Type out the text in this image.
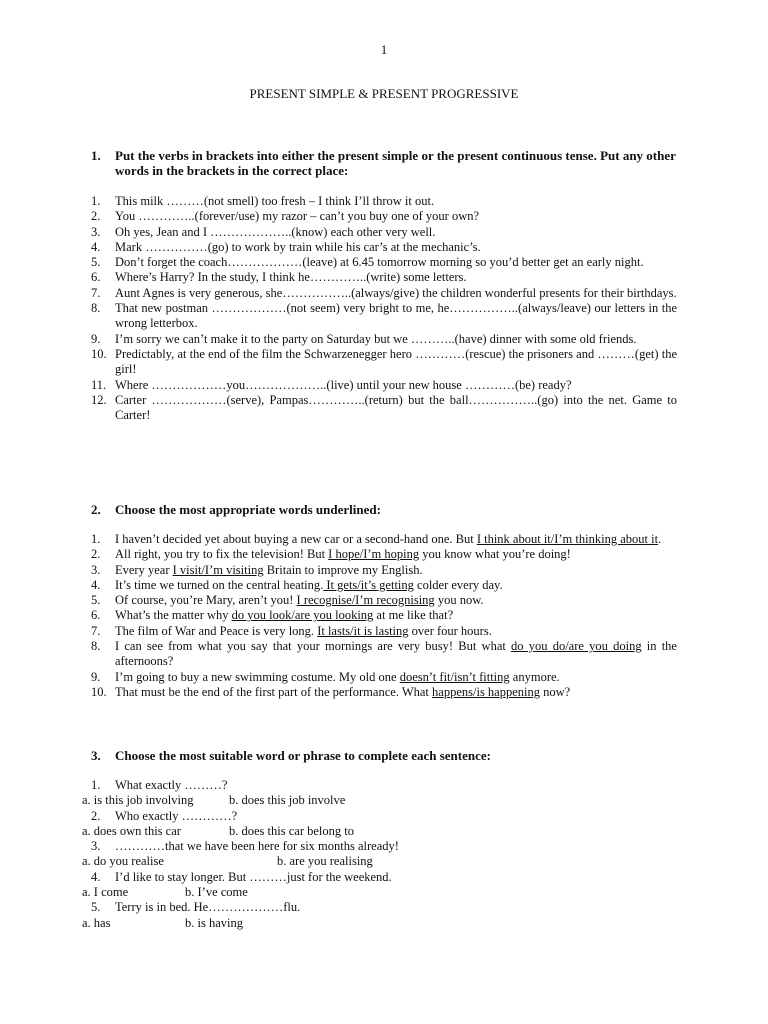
1
PRESENT SIMPLE & PRESENT PROGRESSIVE
1. Put the verbs in brackets into either the present simple or the present continuous tense. Put any other words in the brackets in the correct place:
1. This milk ………(not smell) too fresh – I think I’ll throw it out.
2. You …………..(forever/use) my razor – can’t you buy one of your own?
3. Oh yes, Jean and I ………………..(know) each other very well.
4. Mark ……………(go) to work by train while his car’s at the mechanic’s.
5. Don’t forget the coach………………(leave) at 6.45 tomorrow morning so you’d better get an early night.
6. Where’s Harry? In the study, I think he…………..(write) some letters.
7. Aunt Agnes is very generous, she……………..(always/give) the children wonderful presents for their birthdays.
8. That new postman ………………(not seem) very bright to me, he……………..(always/leave) our letters in the wrong letterbox.
9. I’m sorry we can’t make it to the party on Saturday but we ………..(have) dinner with some old friends.
10. Predictably, at the end of the film the Schwarzenegger hero …………(rescue) the prisoners and ………(get) the girl!
11. Where ………………you………………..(live) until your new house …………(be) ready?
12. Carter ………………(serve), Pampas…………..(return) but the ball……………..(go) into the net. Game to Carter!
2. Choose the most appropriate words underlined:
1. I haven’t decided yet about buying a new car or a second-hand one. But I think about it/I’m thinking about it.
2. All right, you try to fix the television! But I hope/I’m hoping you know what you’re doing!
3. Every year I visit/I’m visiting Britain to improve my English.
4. It’s time we turned on the central heating. It gets/it’s getting colder every day.
5. Of course, you’re Mary, aren’t you! I recognise/I’m recognising you now.
6. What’s the matter why do you look/are you looking at me like that?
7. The film of War and Peace is very long. It lasts/it is lasting over four hours.
8. I can see from what you say that your mornings are very busy! But what do you do/are you doing in the afternoons?
9. I’m going to buy a new swimming costume. My old one doesn’t fit/isn’t fitting anymore.
10. That must be the end of the first part of the performance. What happens/is happening now?
3. Choose the most suitable word or phrase to complete each sentence:
1. What exactly ………?
a. is this job involving	b. does this job involve
2. Who exactly …………?
a. does own this car	b. does this car belong to
3. …………that we have been here for six months already!
a. do you realise	b. are you realising
4. I’d like to stay longer. But ………just for the weekend.
a. I come	b. I’ve come
5. Terry is in bed. He………………flu.
a. has	b. is having
